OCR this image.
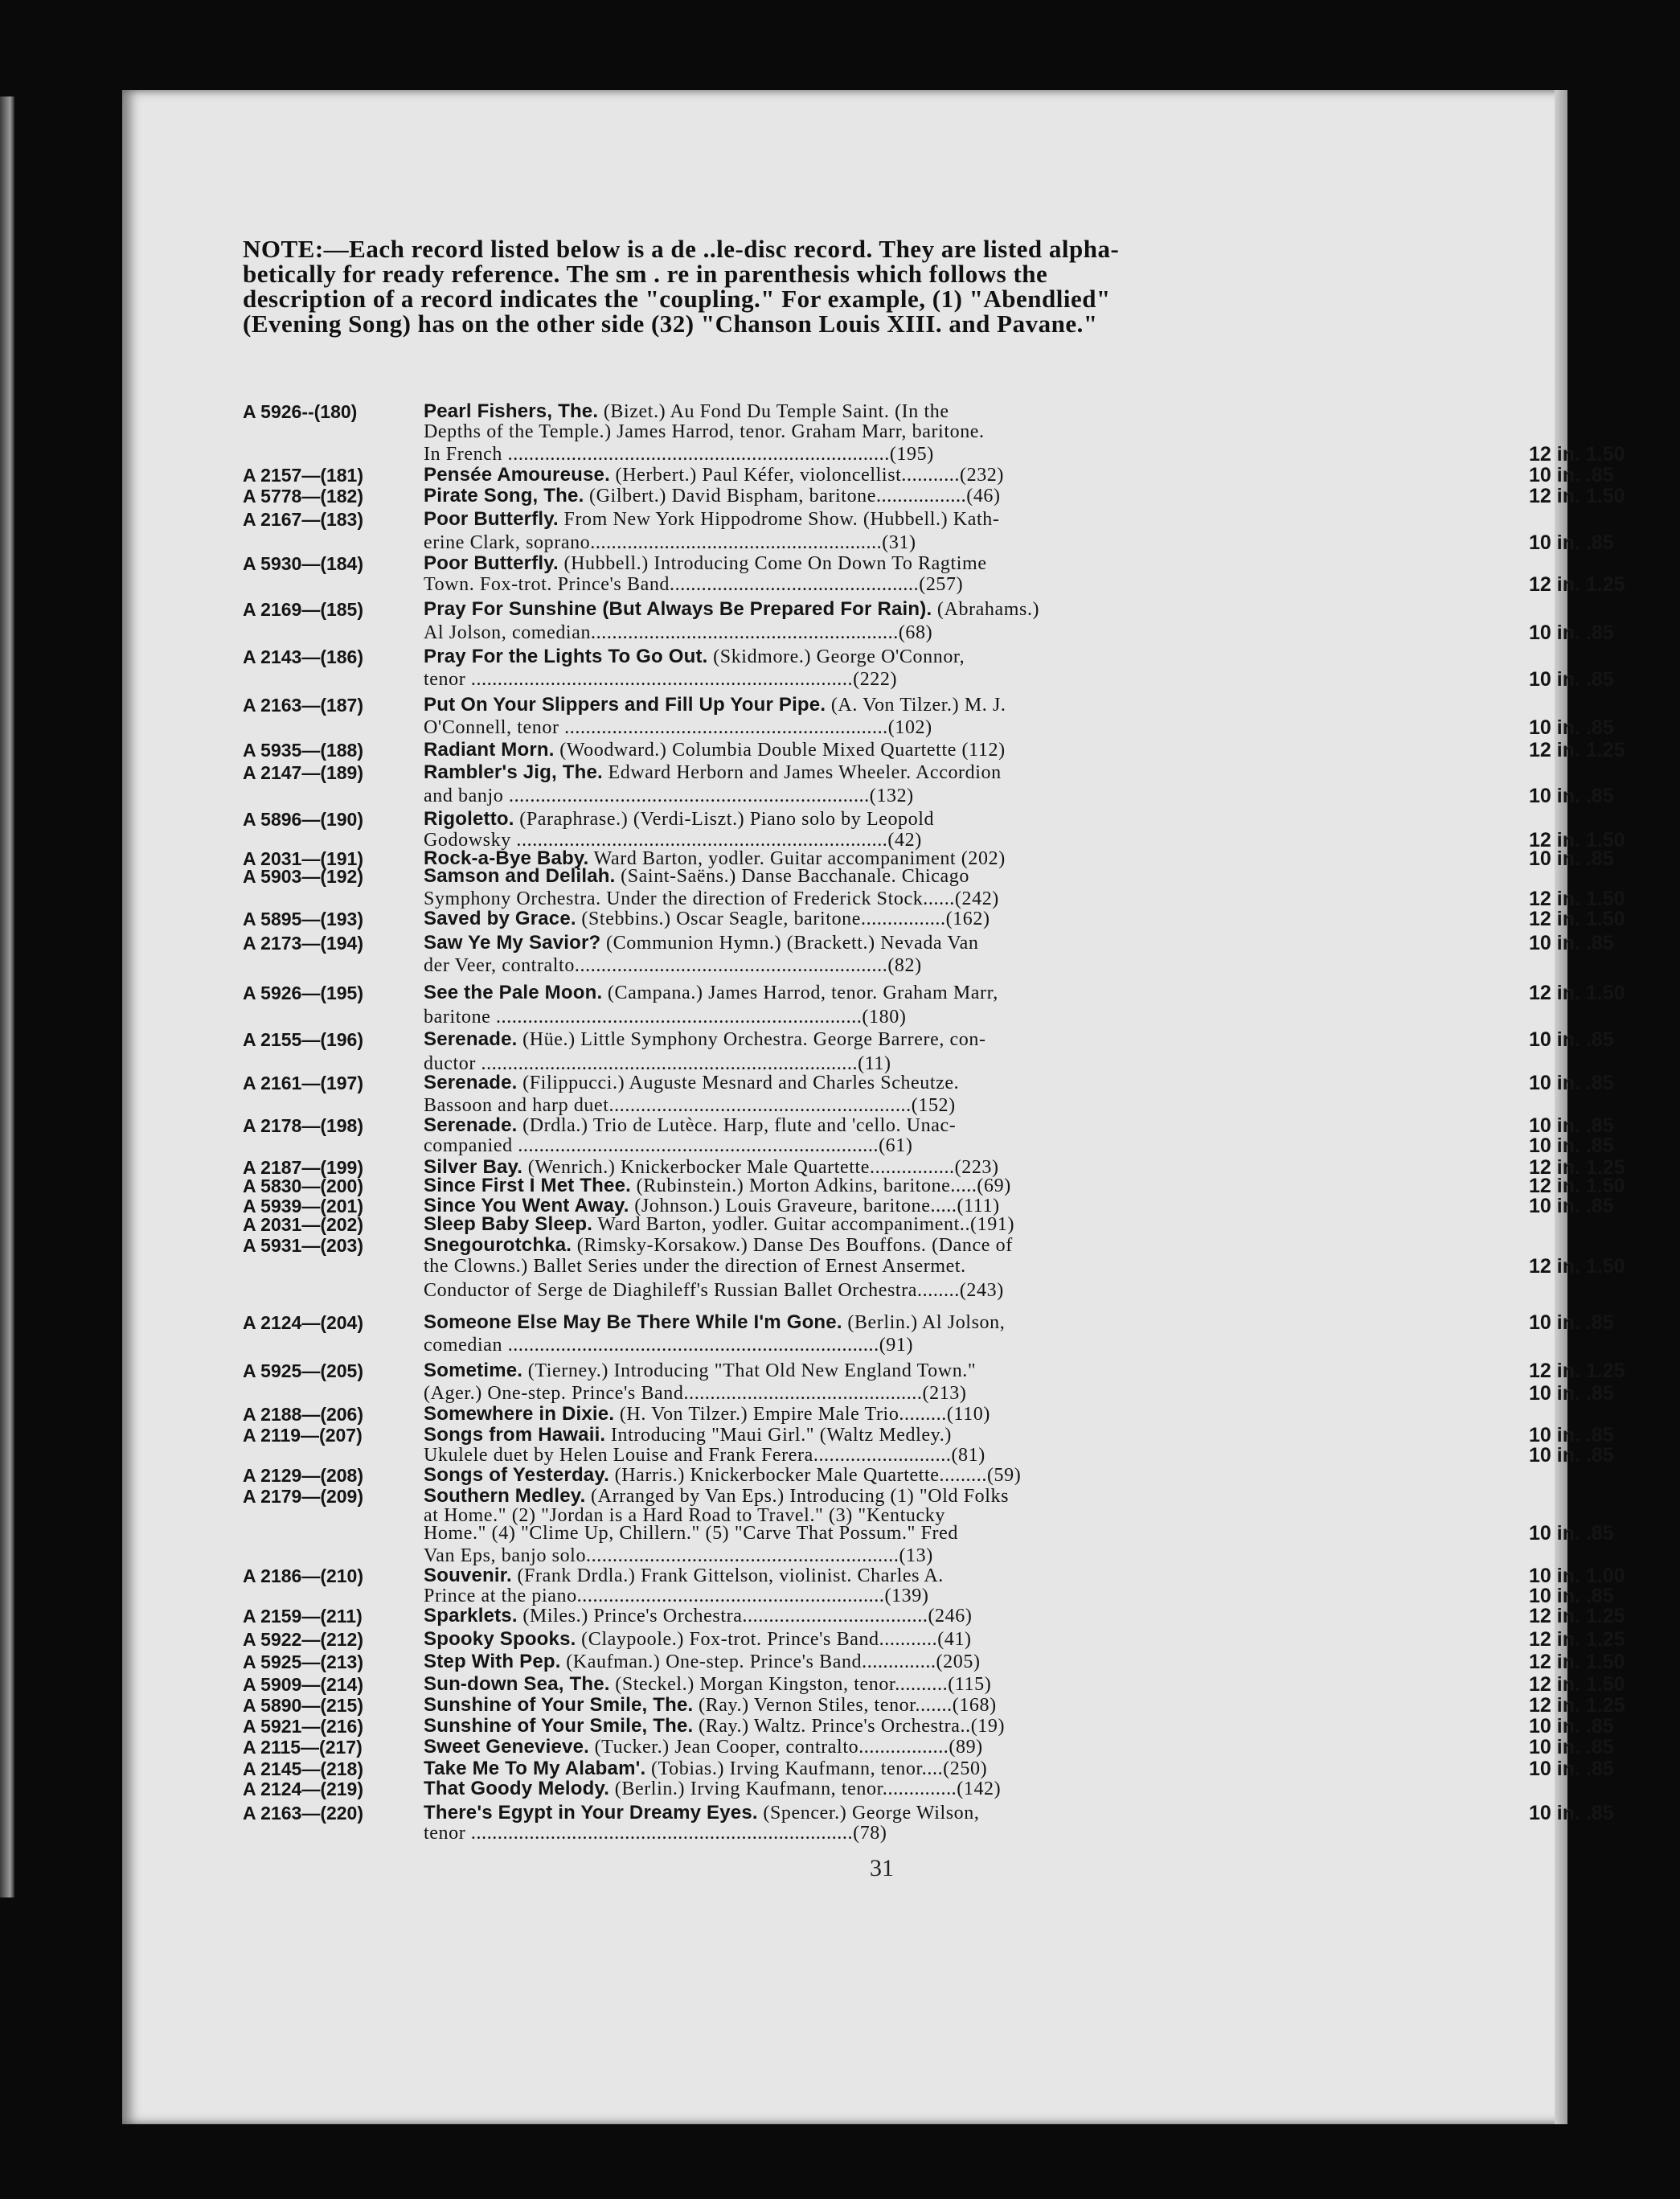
NOTE:—Each record listed below is a de ..le-disc record. They are listed alpha-
betically for ready reference. The sm . re in parenthesis which follows the
description of a record indicates the "coupling." For example, (1) "Abendlied"
(Evening Song) has on the other side (32) "Chanson Louis XIII. and Pavane."
A 5926--(180)	Pearl Fishers, The. (Bizet.) Au Fond Du Temple Saint. (In the
Depths of the Temple.) James Harrod, tenor. Graham Marr, baritone.
In French ........................................................................(195)	12 in. 1.50
A 2157—(181)	Pensée Amoureuse. (Herbert.) Paul Kéfer, violoncellist...........(232)	10 in. .85
A 5778—(182)	Pirate Song, The. (Gilbert.) David Bispham, baritone.................(46)	12 in. 1.50
A 2167—(183)	Poor Butterfly. From New York Hippodrome Show. (Hubbell.) Kath-
erine Clark, soprano.......................................................(31)	10 in. .85
A 5930—(184)	Poor Butterfly. (Hubbell.) Introducing Come On Down To Ragtime
Town. Fox-trot. Prince's Band...............................................(257)	12 in. 1.25
A 2169—(185)	Pray For Sunshine (But Always Be Prepared For Rain). (Abrahams.)
Al Jolson, comedian..........................................................(68)	10 in. .85
A 2143—(186)	Pray For the Lights To Go Out. (Skidmore.) George O'Connor,
tenor ........................................................................(222)	10 in. .85
A 2163—(187)	Put On Your Slippers and Fill Up Your Pipe. (A. Von Tilzer.) M. J.
O'Connell, tenor .............................................................(102)	10 in. .85
A 5935—(188)	Radiant Morn. (Woodward.) Columbia Double Mixed Quartette (112)	12 in. 1.25
A 2147—(189)	Rambler's Jig, The. Edward Herborn and James Wheeler. Accordion
and banjo ....................................................................(132)	10 in. .85
A 5896—(190)	Rigoletto. (Paraphrase.) (Verdi-Liszt.) Piano solo by Leopold
Godowsky ......................................................................(42)	12 in. 1.50
A 2031—(191)	Rock-a-Bye Baby. Ward Barton, yodler. Guitar accompaniment (202)	10 in. .85
A 5903—(192)	Samson and Delilah. (Saint-Saëns.) Danse Bacchanale. Chicago
Symphony Orchestra. Under the direction of Frederick Stock......(242)	12 in. 1.50
A 5895—(193)	Saved by Grace. (Stebbins.) Oscar Seagle, baritone................(162)	12 in. 1.50
A 2173—(194)	Saw Ye My Savior? (Communion Hymn.) (Brackett.) Nevada Van	10 in. .85
der Veer, contralto...........................................................(82)
A 5926—(195)	See the Pale Moon. (Campana.) James Harrod, tenor. Graham Marr,	12 in. 1.50
baritone .....................................................................(180)
A 2155—(196)	Serenade. (Hüe.) Little Symphony Orchestra. George Barrere, con-	10 in. .85
ductor .......................................................................(11)
A 2161—(197)	Serenade. (Filippucci.) Auguste Mesnard and Charles Scheutze.	10 in. .85
Bassoon and harp duet.........................................................(152)
A 2178—(198)	Serenade. (Drdla.) Trio de Lutèce. Harp, flute and 'cello. Unac-	10 in. .85
companied ....................................................................(61)	10 in. .85
A 2187—(199)	Silver Bay. (Wenrich.) Knickerbocker Male Quartette................(223)	12 in. 1.25
A 5830—(200)	Since First I Met Thee. (Rubinstein.) Morton Adkins, baritone.....(69)	12 in. 1.50
A 5939—(201)	Since You Went Away. (Johnson.) Louis Graveure, baritone.....(111)	10 in. .85
A 2031—(202)	Sleep Baby Sleep. Ward Barton, yodler. Guitar accompaniment..(191)
A 5931—(203)	Snegourotchka. (Rimsky-Korsakow.) Danse Des Bouffons. (Dance of
the Clowns.) Ballet Series under the direction of Ernest Ansermet.	12 in. 1.50
Conductor of Serge de Diaghileff's Russian Ballet Orchestra........(243)
A 2124—(204)	Someone Else May Be There While I'm Gone. (Berlin.) Al Jolson,	10 in. .85
comedian ......................................................................(91)
A 5925—(205)	Sometime. (Tierney.) Introducing "That Old New England Town."	12 in. 1.25
(Ager.) One-step. Prince's Band.............................................(213)	10 in. .85
A 2188—(206)	Somewhere in Dixie. (H. Von Tilzer.) Empire Male Trio.........(110)
A 2119—(207)	Songs from Hawaii. Introducing "Maui Girl." (Waltz Medley.)	10 in. .85
Ukulele duet by Helen Louise and Frank Ferera..........................(81)	10 in. .85
A 2129—(208)	Songs of Yesterday. (Harris.) Knickerbocker Male Quartette.........(59)
A 2179—(209)	Southern Medley. (Arranged by Van Eps.) Introducing (1) "Old Folks
at Home." (2) "Jordan is a Hard Road to Travel." (3) "Kentucky
Home." (4) "Clime Up, Chillern." (5) "Carve That Possum." Fred	10 in. .85
Van Eps, banjo solo...........................................................(13)
A 2186—(210)	Souvenir. (Frank Drdla.) Frank Gittelson, violinist. Charles A.	10 in. 1.00
Prince at the piano..........................................................(139)	10 in. .85
A 2159—(211)	Sparklets. (Miles.) Prince's Orchestra...................................(246)	12 in. 1.25
A 5922—(212)	Spooky Spooks. (Claypoole.) Fox-trot. Prince's Band...........(41)	12 in. 1.25
A 5925—(213)	Step With Pep. (Kaufman.) One-step. Prince's Band..............(205)	12 in. 1.50
A 5909—(214)	Sun-down Sea, The. (Steckel.) Morgan Kingston, tenor..........(115)	12 in. 1.50
A 5890—(215)	Sunshine of Your Smile, The. (Ray.) Vernon Stiles, tenor.......(168)	12 in. 1.25
A 5921—(216)	Sunshine of Your Smile, The. (Ray.) Waltz. Prince's Orchestra..(19)	10 in. .85
A 2115—(217)	Sweet Genevieve. (Tucker.) Jean Cooper, contralto.................(89)	10 in. .85
A 2145—(218)	Take Me To My Alabam'. (Tobias.) Irving Kaufmann, tenor....(250)	10 in. .85
A 2124—(219)	That Goody Melody. (Berlin.) Irving Kaufmann, tenor..............(142)
A 2163—(220)	There's Egypt in Your Dreamy Eyes. (Spencer.) George Wilson,	10 in. .85
tenor ........................................................................(78)
31
